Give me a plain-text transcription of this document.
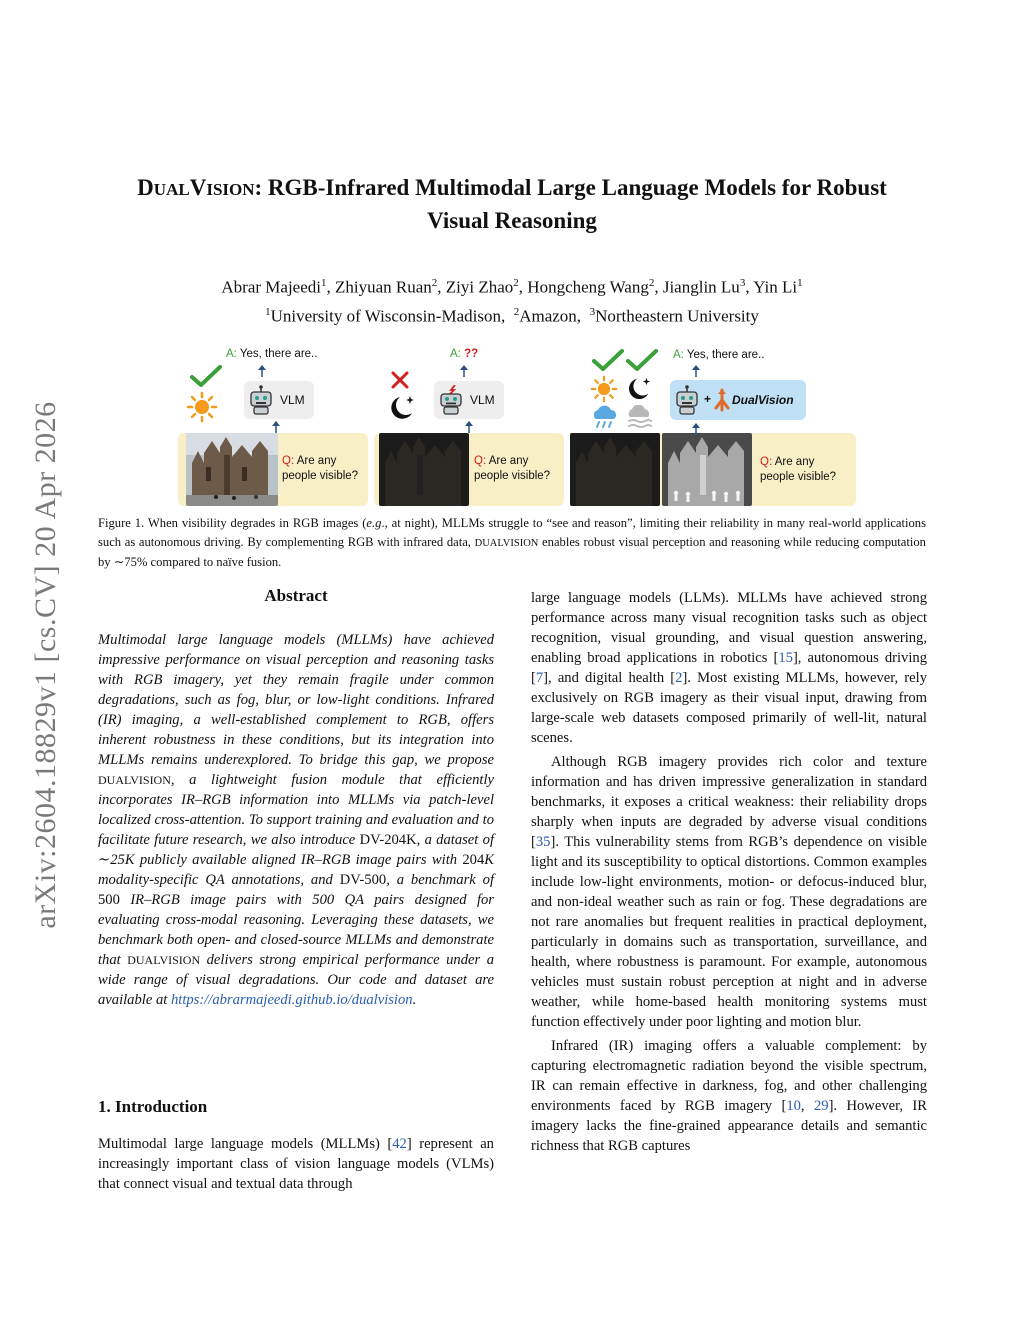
arXiv:2604.18829v1 [cs.CV] 20 Apr 2026
DUALVISION: RGB-Infrared Multimodal Large Language Models for Robust
Visual Reasoning
Abrar Majeedi$^1$, Zhiyuan Ruan$^2$, Ziyi Zhao$^2$, Hongcheng Wang$^2$, Jianglin Lu$^3$, Yin Li$^1$
$^1$University of Wisconsin-Madison, $^2$Amazon, $^3$Northeastern University
Q: Are any
people visible?
VLM
A: Yes, there are..
Q: Are any
people visible?
VLM
A: ??
Q: Are any
people visible?
+ DualVision
A: Yes, there are..
Figure 1. When visibility degrades in RGB images (e.g., at night), MLLMs struggle to “see and reason”, limiting their reliability in many real-world applications such as autonomous driving. By complementing RGB with infrared data, DUALVISION enables robust visual perception and reasoning while reducing computation by ∼75% compared to naïve fusion.
Abstract
Multimodal large language models (MLLMs) have achieved impressive performance on visual perception and reasoning tasks with RGB imagery, yet they remain fragile under common degradations, such as fog, blur, or low-light conditions. Infrared (IR) imaging, a well-established complement to RGB, offers inherent robustness in these conditions, but its integration into MLLMs remains underexplored. To bridge this gap, we propose DUALVISION, a lightweight fusion module that efficiently incorporates IR–RGB information into MLLMs via patch-level localized cross-attention. To support training and evaluation and to facilitate future research, we also introduce DV-204K, a dataset of ∼25K publicly available aligned IR–RGB image pairs with 204K modality-specific QA annotations, and DV-500, a benchmark of 500 IR–RGB image pairs with 500 QA pairs designed for evaluating cross-modal reasoning. Leveraging these datasets, we benchmark both open- and closed-source MLLMs and demonstrate that DUALVISION delivers strong empirical performance under a wide range of visual degradations. Our code and dataset are available at https://abrarmajeedi.github.io/dualvision.
1. Introduction
Multimodal large language models (MLLMs) [42] represent an increasingly important class of vision language models (VLMs) that connect visual and textual data through

large language models (LLMs). MLLMs have achieved strong performance across many visual recognition tasks such as object recognition, visual grounding, and visual question answering, enabling broad applications in robotics [15], autonomous driving [7], and digital health [2]. Most existing MLLMs, however, rely exclusively on RGB imagery as their visual input, drawing from large-scale web datasets composed primarily of well-lit, natural scenes.

Although RGB imagery provides rich color and texture information and has driven impressive generalization in standard benchmarks, it exposes a critical weakness: their reliability drops sharply when inputs are degraded by adverse visual conditions [35]. This vulnerability stems from RGB’s dependence on visible light and its susceptibility to optical distortions. Common examples include low-light environments, motion- or defocus-induced blur, and non-ideal weather such as rain or fog. These degradations are not rare anomalies but frequent realities in practical deployment, particularly in domains such as transportation, surveillance, and health, where robustness is paramount. For example, autonomous vehicles must sustain robust perception at night and in adverse weather, while home-based health monitoring systems must function effectively under poor lighting and motion blur.

Infrared (IR) imaging offers a valuable complement: by capturing electromagnetic radiation beyond the visible spectrum, IR can remain effective in darkness, fog, and other challenging environments faced by RGB imagery [10, 29]. However, IR imagery lacks the fine-grained appearance details and semantic richness that RGB captures
